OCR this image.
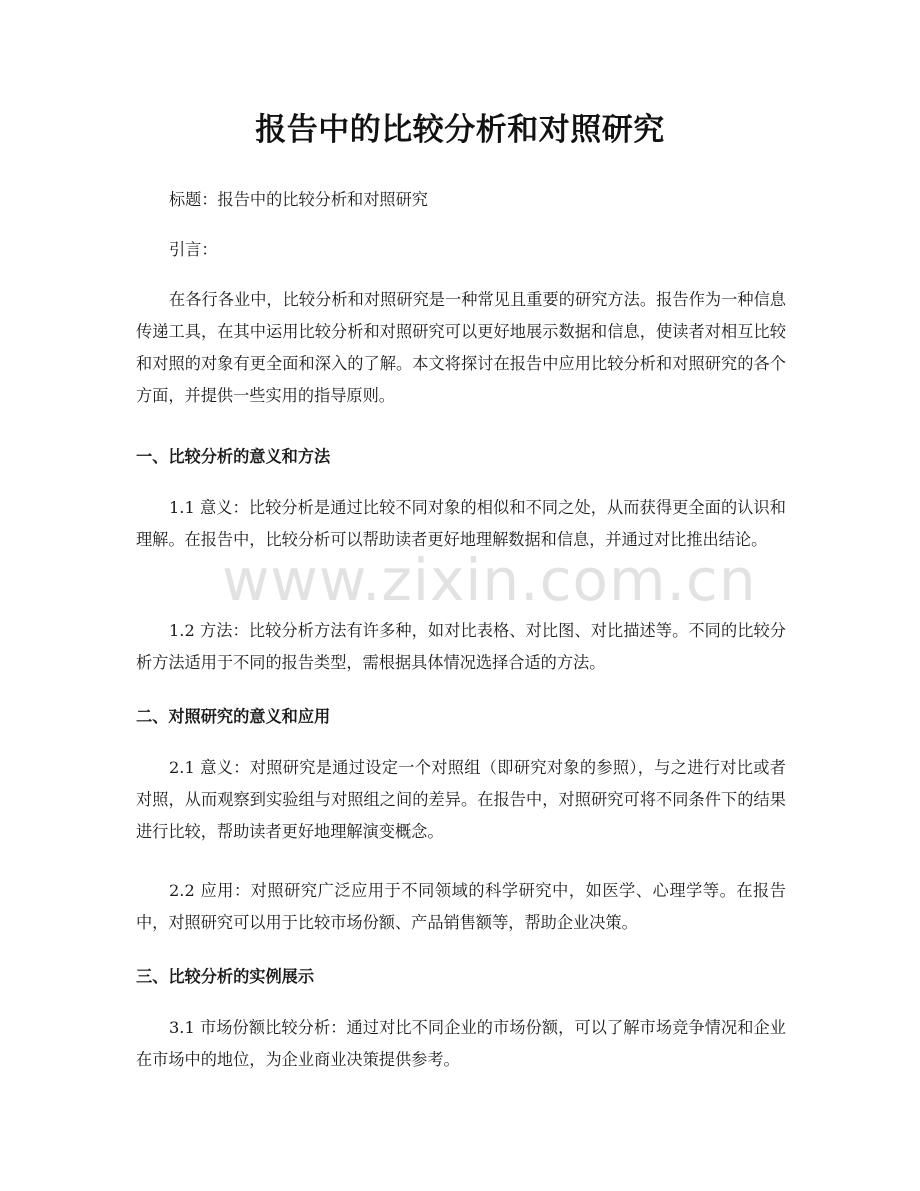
报告中的比较分析和对照研究

标题：报告中的比较分析和对照研究

引言：

在各行各业中，比较分析和对照研究是一种常见且重要的研究方法。报告作为一种信息传递工具，在其中运用比较分析和对照研究可以更好地展示数据和信息，使读者对相互比较和对照的对象有更全面和深入的了解。本文将探讨在报告中应用比较分析和对照研究的各个方面，并提供一些实用的指导原则。

一、比较分析的意义和方法

1.1 意义：比较分析是通过比较不同对象的相似和不同之处，从而获得更全面的认识和理解。在报告中，比较分析可以帮助读者更好地理解数据和信息，并通过对比推出结论。

1.2 方法：比较分析方法有许多种，如对比表格、对比图、对比描述等。不同的比较分析方法适用于不同的报告类型，需根据具体情况选择合适的方法。

二、对照研究的意义和应用

2.1 意义：对照研究是通过设定一个对照组（即研究对象的参照），与之进行对比或者对照，从而观察到实验组与对照组之间的差异。在报告中，对照研究可将不同条件下的结果进行比较，帮助读者更好地理解演变概念。

2.2 应用：对照研究广泛应用于不同领域的科学研究中，如医学、心理学等。在报告中，对照研究可以用于比较市场份额、产品销售额等，帮助企业决策。

三、比较分析的实例展示

3.1 市场份额比较分析：通过对比不同企业的市场份额，可以了解市场竞争情况和企业在市场中的地位，为企业商业决策提供参考。

www.zixin.com.cn
